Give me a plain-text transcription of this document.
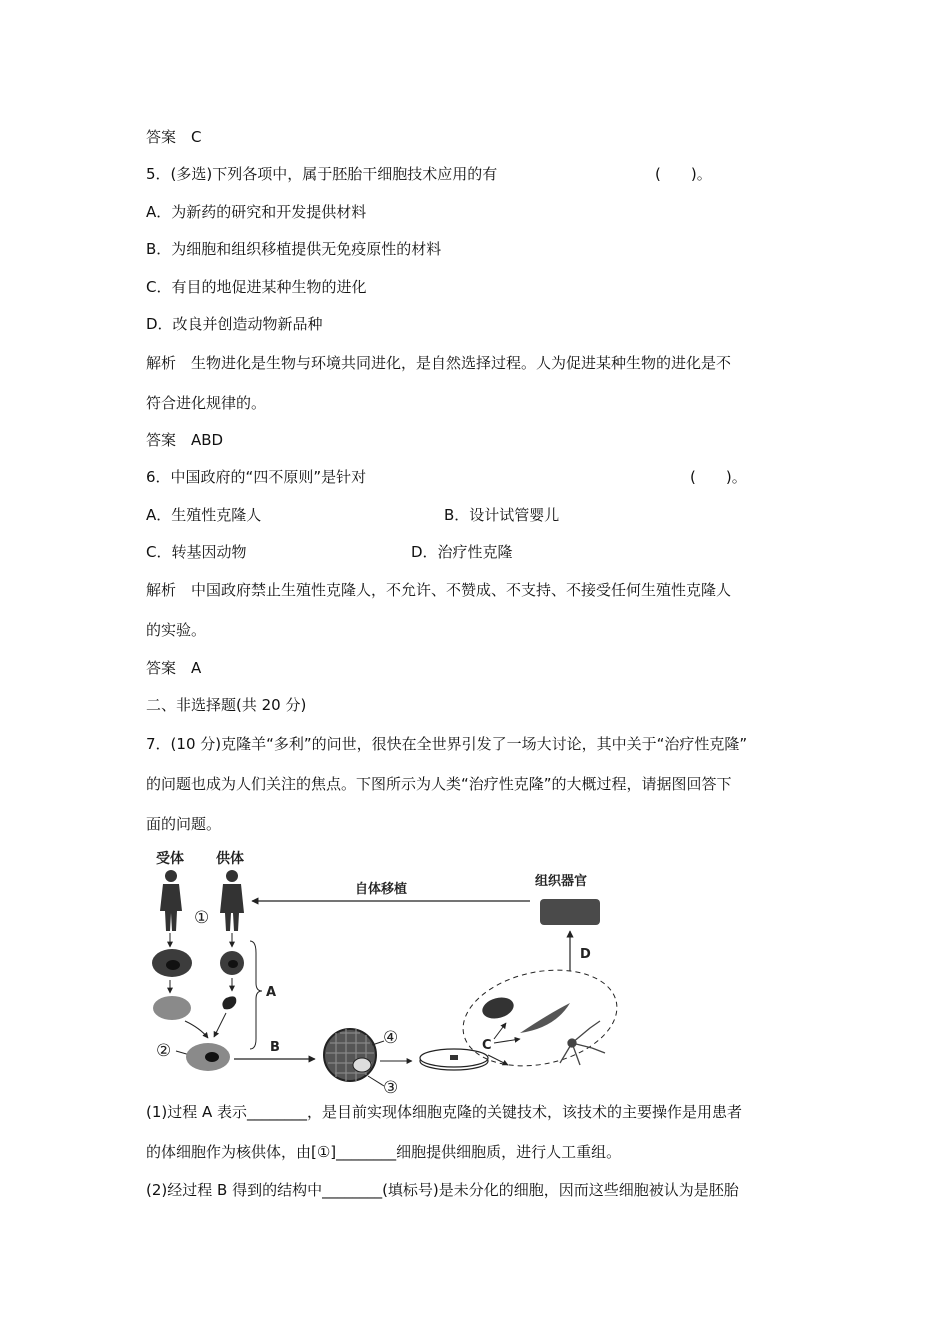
答案　C
5．(多选)下列各项中，属于胚胎干细胞技术应用的有	(　　)。
A．为新药的研究和开发提供材料
B．为细胞和组织移植提供无免疫原性的材料
C．有目的地促进某种生物的进化
D．改良并创造动物新品种
解析　生物进化是生物与环境共同进化，是自然选择过程。人为促进某种生物的进化是不
符合进化规律的。
答案　ABD
6．中国政府的“四不原则”是针对	(　　)。
A．生殖性克隆人	B．设计试管婴儿
C．转基因动物	D．治疗性克隆
解析　中国政府禁止生殖性克隆人，不允许、不赞成、不支持、不接受任何生殖性克隆人
的实验。
答案　A
二、非选择题(共 20 分)
7．(10 分)克隆羊“多利”的问世，很快在全世界引发了一场大讨论，其中关于“治疗性克隆”
的问题也成为人们关注的焦点。下图所示为人类“治疗性克隆”的大概过程，请据图回答下
面的问题。
受体 供体
①
自体移植
组织器官
A
②	B	④
③
C
D
(1)过程 A 表示________，是目前实现体细胞克隆的关键技术，该技术的主要操作是用患者
的体细胞作为核供体，由[①]________细胞提供细胞质，进行人工重组。
(2)经过程 B 得到的结构中________(填标号)是未分化的细胞，因而这些细胞被认为是胚胎
